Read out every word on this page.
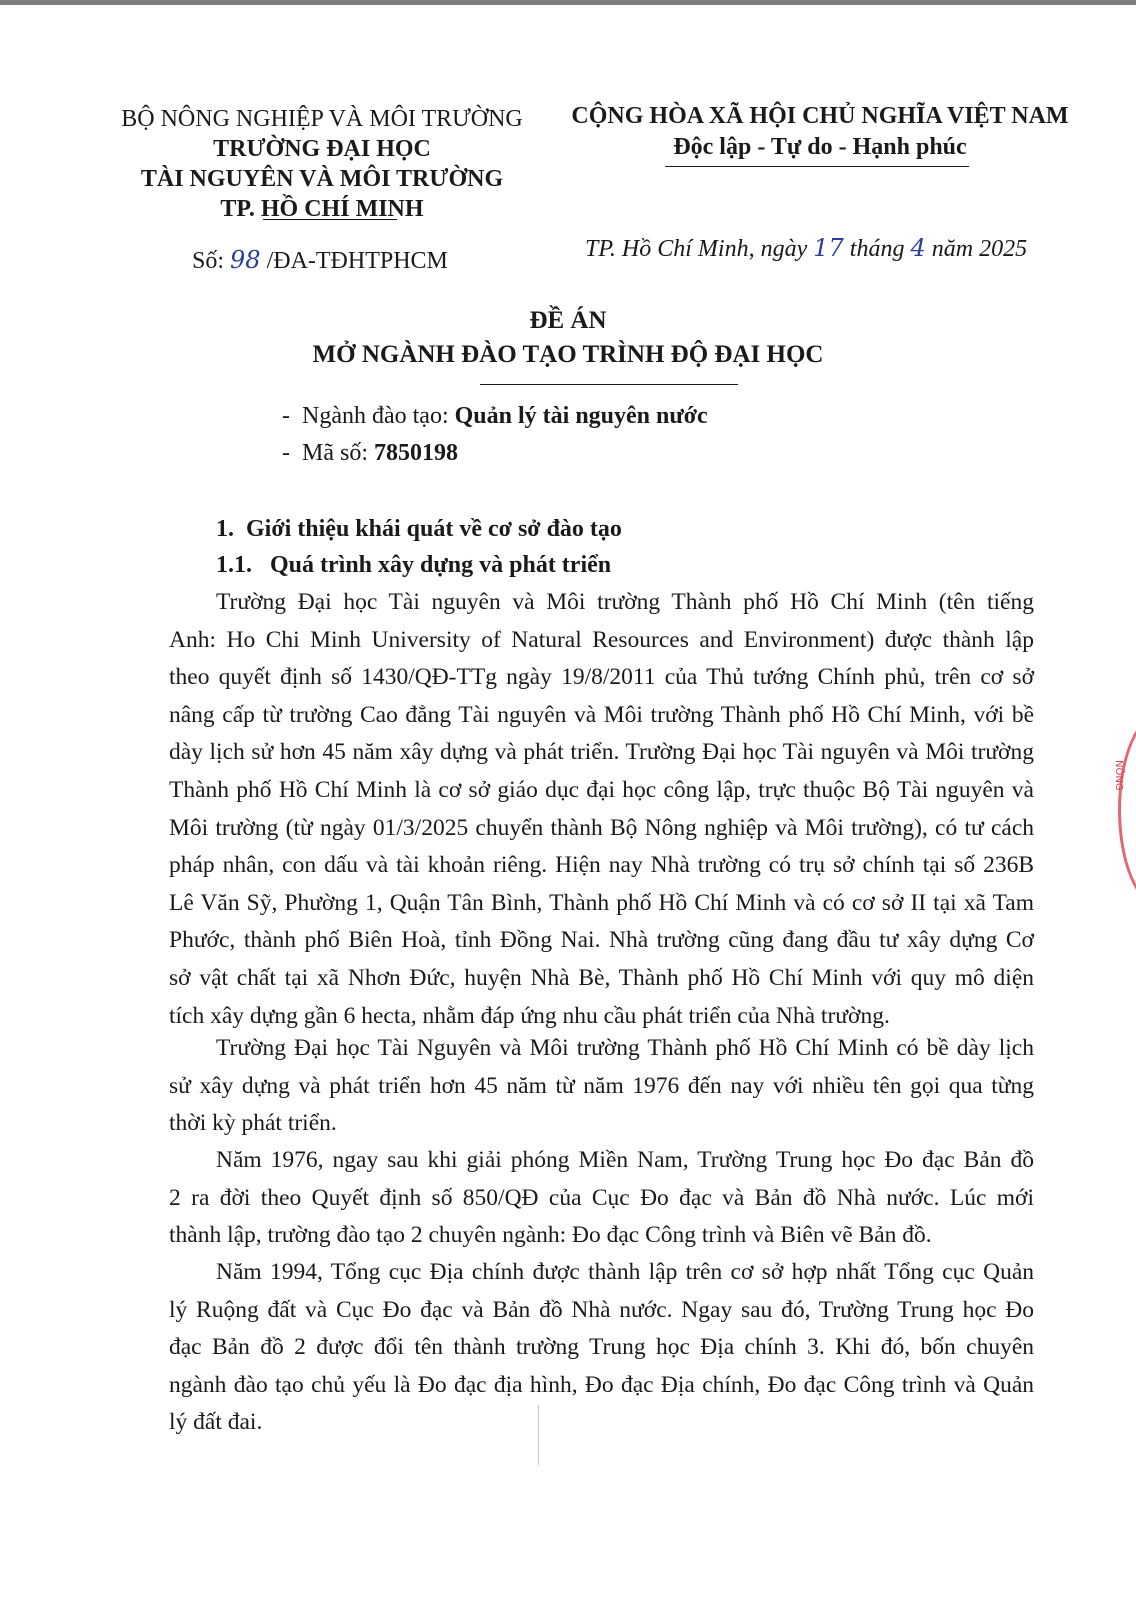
BỘ NÔNG NGHIỆP VÀ MÔI TRƯỜNG
TRƯỜNG ĐẠI HỌC
TÀI NGUYÊN VÀ MÔI TRƯỜNG
TP. HỒ CHÍ MINH
CỘNG HÒA XÃ HỘI CHỦ NGHĨA VIỆT NAM
Độc lập - Tự do - Hạnh phúc
Số: 98 /ĐA-TĐHTPHCM	TP. Hồ Chí Minh, ngày 17 tháng 4 năm 2025
ĐỀ ÁN
MỞ NGÀNH ĐÀO TẠO TRÌNH ĐỘ ĐẠI HỌC
-  Ngành đào tạo: Quản lý tài nguyên nước
-  Mã số: 7850198
1. Giới thiệu khái quát về cơ sở đào tạo
1.1. Quá trình xây dựng và phát triển
Trường Đại học Tài nguyên và Môi trường Thành phố Hồ Chí Minh (tên tiếng
Anh: Ho Chi Minh University of Natural Resources and Environment) được thành lập
theo quyết định số 1430/QĐ-TTg ngày 19/8/2011 của Thủ tướng Chính phủ, trên cơ sở
nâng cấp từ trường Cao đẳng Tài nguyên và Môi trường Thành phố Hồ Chí Minh, với bề
dày lịch sử hơn 45 năm xây dựng và phát triển. Trường Đại học Tài nguyên và Môi trường
Thành phố Hồ Chí Minh là cơ sở giáo dục đại học công lập, trực thuộc Bộ Tài nguyên và
Môi trường (từ ngày 01/3/2025 chuyển thành Bộ Nông nghiệp và Môi trường), có tư cách
pháp nhân, con dấu và tài khoản riêng. Hiện nay Nhà trường có trụ sở chính tại số 236B
Lê Văn Sỹ, Phường 1, Quận Tân Bình, Thành phố Hồ Chí Minh và có cơ sở II tại xã Tam
Phước, thành phố Biên Hoà, tỉnh Đồng Nai. Nhà trường cũng đang đầu tư xây dựng Cơ
sở vật chất tại xã Nhơn Đức, huyện Nhà Bè, Thành phố Hồ Chí Minh với quy mô diện
tích xây dựng gần 6 hecta, nhằm đáp ứng nhu cầu phát triển của Nhà trường.
Trường Đại học Tài Nguyên và Môi trường Thành phố Hồ Chí Minh có bề dày lịch
sử xây dựng và phát triển hơn 45 năm từ năm 1976 đến nay với nhiều tên gọi qua từng
thời kỳ phát triển.
Năm 1976, ngay sau khi giải phóng Miền Nam, Trường Trung học Đo đạc Bản đồ
2 ra đời theo Quyết định số 850/QĐ của Cục Đo đạc và Bản đồ Nhà nước. Lúc mới
thành lập, trường đào tạo 2 chuyên ngành: Đo đạc Công trình và Biên vẽ Bản đồ.
Năm 1994, Tổng cục Địa chính được thành lập trên cơ sở hợp nhất Tổng cục Quản
lý Ruộng đất và Cục Đo đạc và Bản đồ Nhà nước. Ngay sau đó, Trường Trung học Đo
đạc Bản đồ 2 được đổi tên thành trường Trung học Địa chính 3. Khi đó, bốn chuyên
ngành đào tạo chủ yếu là Đo đạc địa hình, Đo đạc Địa chính, Đo đạc Công trình và Quản
lý đất đai.
NÔNG
